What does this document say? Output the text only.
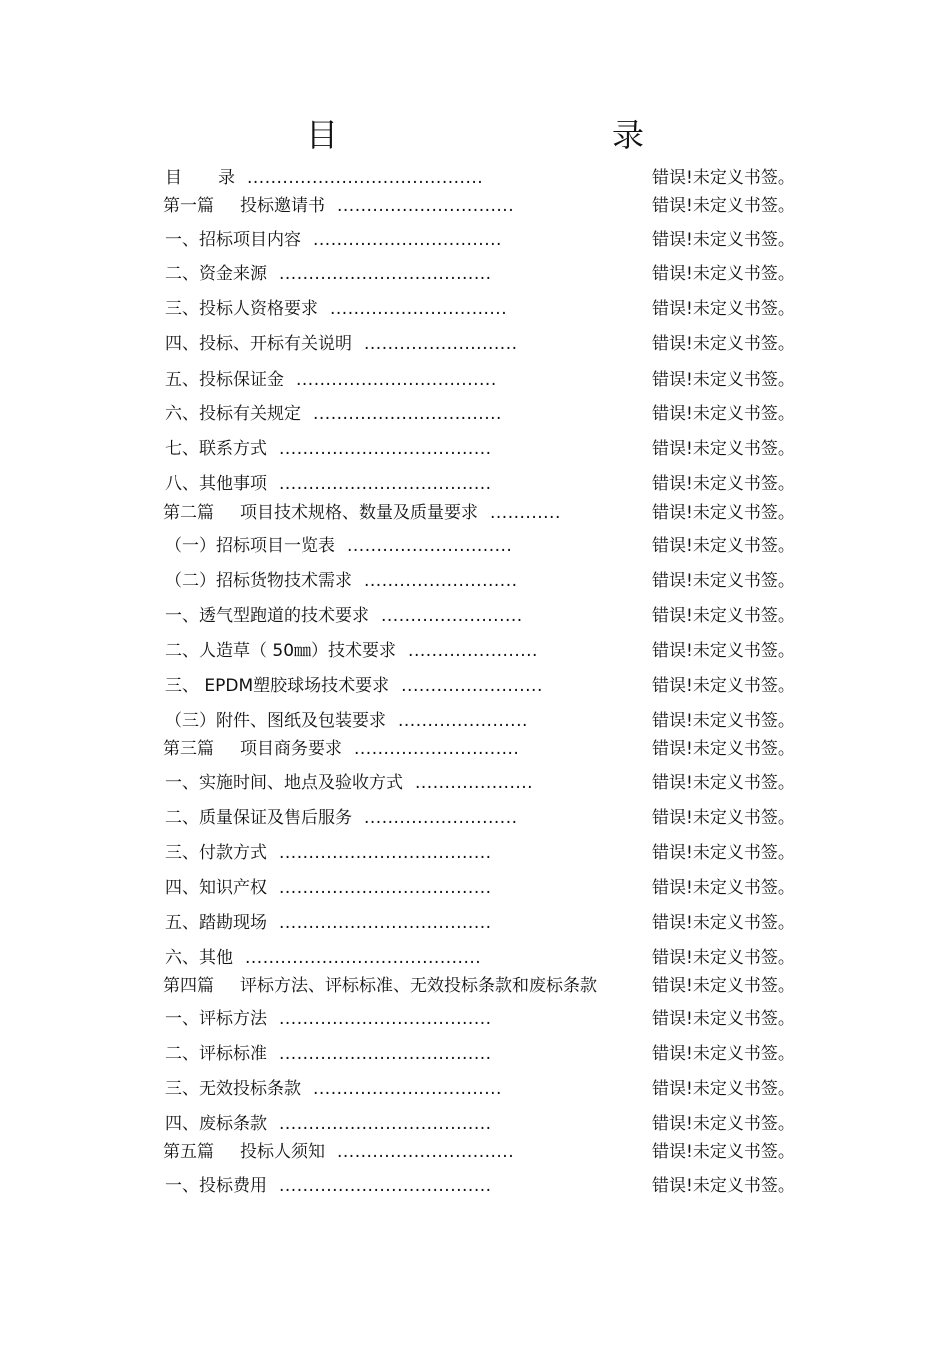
目　　录
目 录 ........................................	错误!未定义书签。
第一篇 投标邀请书 ..............................	错误!未定义书签。
一、招标项目内容 ................................	错误!未定义书签。
二、资金来源 ....................................	错误!未定义书签。
三、投标人资格要求 ..............................	错误!未定义书签。
四、投标、开标有关说明 ..........................	错误!未定义书签。
五、投标保证金 ..................................	错误!未定义书签。
六、投标有关规定 ................................	错误!未定义书签。
七、联系方式 ....................................	错误!未定义书签。
八、其他事项 ....................................	错误!未定义书签。
第二篇 项目技术规格、数量及质量要求 ............	错误!未定义书签。
（一）招标项目一览表 ............................	错误!未定义书签。
（二）招标货物技术需求 ..........................	错误!未定义书签。
一、透气型跑道的技术要求 ........................	错误!未定义书签。
二、人造草（ 50㎜）技术要求 ......................	错误!未定义书签。
三、 EPDM塑胶球场技术要求 ........................	错误!未定义书签。
（三）附件、图纸及包装要求 ......................	错误!未定义书签。
第三篇 项目商务要求 ............................	错误!未定义书签。
一、实施时间、地点及验收方式 ....................	错误!未定义书签。
二、质量保证及售后服务 ..........................	错误!未定义书签。
三、付款方式 ....................................	错误!未定义书签。
四、知识产权 ....................................	错误!未定义书签。
五、踏勘现场 ....................................	错误!未定义书签。
六、其他 ........................................	错误!未定义书签。
第四篇 评标方法、评标标准、无效投标条款和废标条款	错误!未定义书签。
一、评标方法 ....................................	错误!未定义书签。
二、评标标准 ....................................	错误!未定义书签。
三、无效投标条款 ................................	错误!未定义书签。
四、废标条款 ....................................	错误!未定义书签。
第五篇 投标人须知 ..............................	错误!未定义书签。
一、投标费用 ....................................	错误!未定义书签。
